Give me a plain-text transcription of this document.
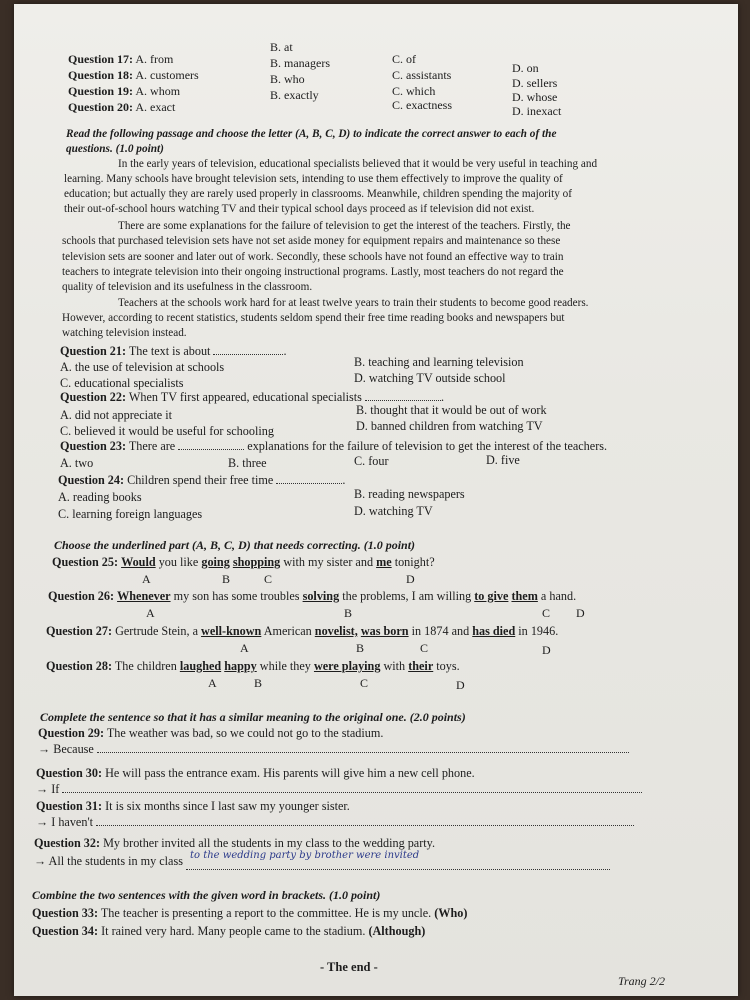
Question 17: A. from
B. at
C. of
D. on
Question 18: A. customers
B. managers
C. assistants
D. sellers
Question 19: A. whom
B. who
C. which	D. whose
Question 20: A. exact
B. exactly
C. exactness	D. inexact
Read the following passage and choose the letter (A, B, C, D) to indicate the correct answer to each of the
questions. (1.0 point)
In the early years of television, educational specialists believed that it would be very useful in teaching and
learning. Many schools have brought television sets, intending to use them effectively to improve the quality of
education; but actually they are rarely used properly in classrooms. Meanwhile, children spending the majority of
their out-of-school hours watching TV and their typical school days proceed as if television did not exist.
There are some explanations for the failure of television to get the interest of the teachers. Firstly, the
schools that purchased television sets have not set aside money for equipment repairs and maintenance so these
television sets are sooner and later out of work. Secondly, these schools have not found an effective way to train
teachers to integrate television into their ongoing instructional programs. Lastly, most teachers do not regard the
quality of television and its usefulness in the classroom.
Teachers at the schools work hard for at least twelve years to train their students to become good readers.
However, according to recent statistics, students seldom spend their free time reading books and newspapers but
watching television instead.
Question 21: The text is about	.
A. the use of television at schools	B. teaching and learning television
C. educational specialists	D. watching TV outside school
Question 22: When TV first appeared, educational specialists	.
A. did not appreciate it	B. thought that it would be out of work
C. believed it would be useful for schooling	D. banned children from watching TV
Question 23: There are	explanations for the failure of television to get the interest of the teachers.
A. two	B. three	C. four	D. five
Question 24: Children spend their free time	.
A. reading books	B. reading newspapers
C. learning foreign languages	D. watching TV
Choose the underlined part (A, B, C, D) that needs correcting. (1.0 point)
Question 25: Would you like going shopping with my sister and me tonight?
A	B	C	D
Question 26: Whenever my son has some troubles solving the problems, I am willing to give them a hand.
A	B	C D
Question 27: Gertrude Stein, a well-known American novelist, was born in 1874 and has died in 1946.
A	B	C	D
Question 28: The children laughed happy while they were playing with their toys.
A	B	C	D
Complete the sentence so that it has a similar meaning to the original one. (2.0 points)
Question 29: The weather was bad, so we could not go to the stadium.
→ Because
Question 30: He will pass the entrance exam. His parents will give him a new cell phone.
→ If
Question 31: It is six months since I last saw my younger sister.
→ I haven't
Question 32: My brother invited all the students in my class to the wedding party.
→ All the students in my class to the wedding party by brother were invited

Combine the two sentences with the given word in brackets. (1.0 point)
Question 33: The teacher is presenting a report to the committee. He is my uncle. (Who)
Question 34: It rained very hard. Many people came to the stadium. (Although)
- The end -
Trang 2/2
